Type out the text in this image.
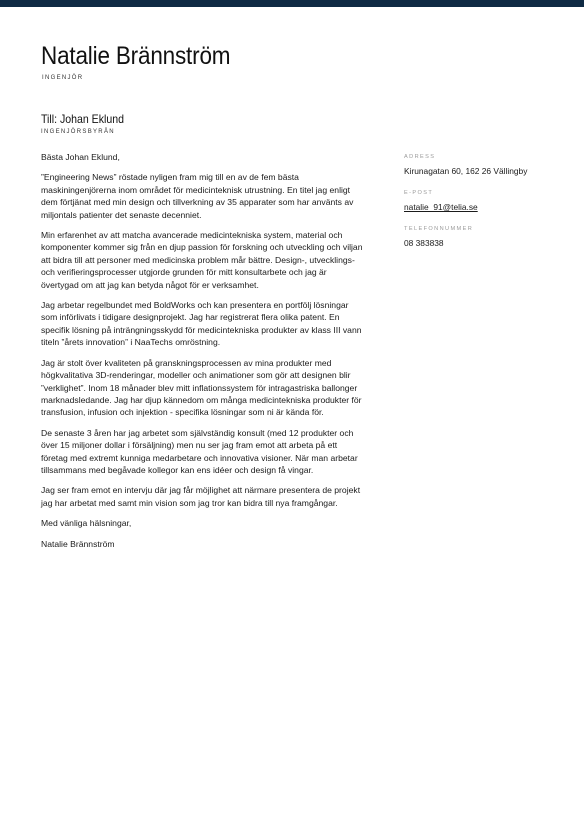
Natalie Brännström
INGENJÖR
Till: Johan Eklund
INGENJÖRSBYRÅN

Bästa Johan Eklund,

”Engineering News” röstade nyligen fram mig till en av de fem bästa maskiningenjörerna inom området för medicinteknisk utrustning. En titel jag enligt dem förtjänat med min design och tillverkning av 35 apparater som har använts av miljontals patienter det senaste decenniet.

Min erfarenhet av att matcha avancerade medicintekniska system, material och komponenter kommer sig från en djup passion för forskning och utveckling och viljan att bidra till att personer med medicinska problem mår bättre. Design-, utvecklings- och verifieringsprocesser utgjorde grunden för mitt konsultarbete och jag är övertygad om att jag kan betyda något för er verksamhet.

Jag arbetar regelbundet med BoldWorks och kan presentera en portfölj lösningar som införlivats i tidigare designprojekt. Jag har registrerat flera olika patent. En specifik lösning på inträngningsskydd för medicintekniska produkter av klass III vann titeln ”årets innovation” i NaaTechs omröstning.

Jag är stolt över kvaliteten på granskningsprocessen av mina produkter med högkvalitativa 3D-renderingar, modeller och animationer som gör att designen blir ”verklighet”. Inom 18 månader blev mitt inflationssystem för intragastriska ballonger marknadsledande. Jag har djup kännedom om många medicintekniska produkter för transfusion, infusion och injektion - specifika lösningar som ni är kända för.

De senaste 3 åren har jag arbetet som självständig konsult (med 12 produkter och över 15 miljoner dollar i försäljning) men nu ser jag fram emot att arbeta på ett företag med extremt kunniga medarbetare och innovativa visioner. När man arbetar tillsammans med begåvade kollegor kan ens idéer och design få vingar.

Jag ser fram emot en intervju där jag får möjlighet att närmare presentera de projekt jag har arbetat med samt min vision som jag tror kan bidra till nya framgångar.

Med vänliga hälsningar,

Natalie Brännström

ADRESS
Kirunagatan 60, 162 26 Vällingby
E-POST
natalie_91@telia.se
TELEFONNUMMER
08 383838
